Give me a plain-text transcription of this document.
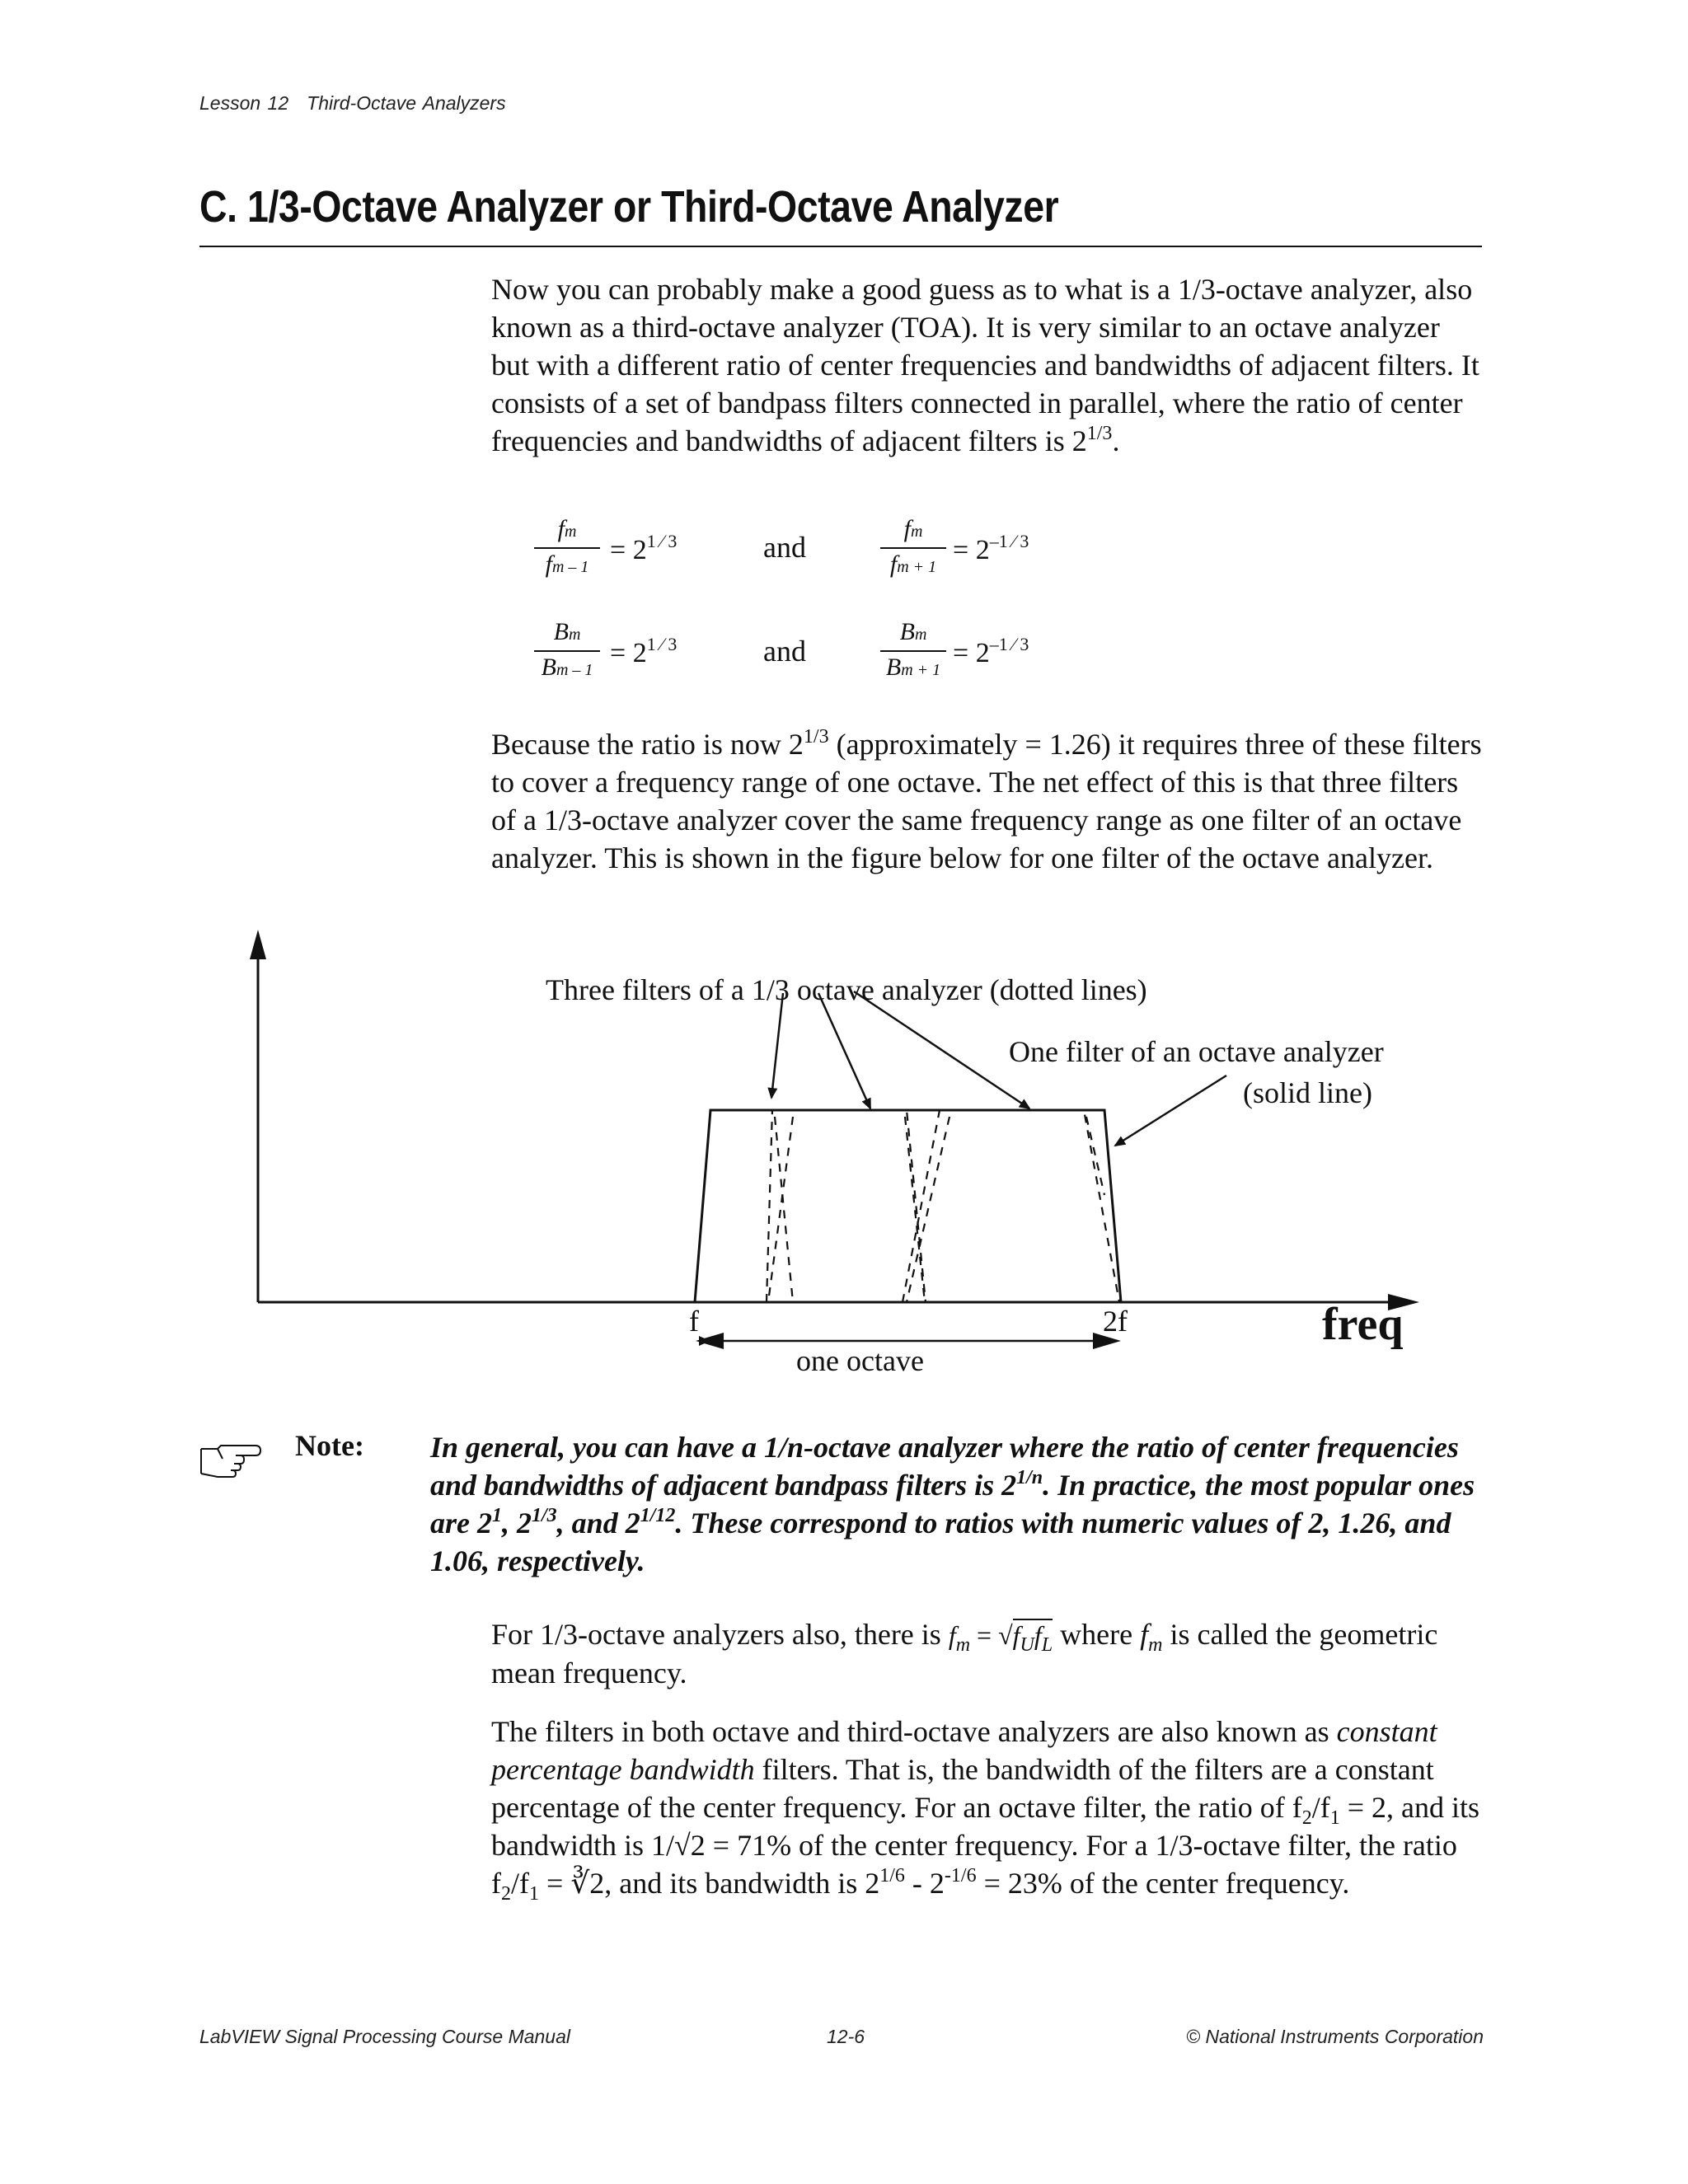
Lesson 12 Third-Octave Analyzers
C. 1/3-Octave Analyzer or Third-Octave Analyzer

Now you can probably make a good guess as to what is a 1/3-octave analyzer, also known as a third-octave analyzer (TOA). It is very similar to an octave analyzer but with a different ratio of center frequencies and bandwidths of adjacent filters. It consists of a set of bandpass filters connected in parallel, where the ratio of center frequencies and bandwidths of adjacent filters is $2^{1/3}$.

fm
fm – 1
= $2^{1 ⁄ 3}$	and
fm
fm + 1
= $2^{-1 ⁄ 3}$
Bm
Bm – 1
= $2^{1 ⁄ 3}$	and
Bm
Bm + 1
= $2^{-1 ⁄ 3}$

Because the ratio is now $2^{1/3}$ (approximately = 1.26) it requires three of these filters to cover a frequency range of one octave. The net effect of this is that three filters of a 1/3-octave analyzer cover the same frequency range as one filter of an octave analyzer. This is shown in the figure below for one filter of the octave analyzer.

Three filters of a 1/3 octave analyzer (dotted lines)
One filter of an octave analyzer
(solid line)
f	2f	freq
one octave
Note: In general, you can have a 1/n-octave analyzer where the ratio of center frequencies and bandwidths of adjacent bandpass filters is $2^{1/n}$. In practice, the most popular ones are $2^1$, $2^{1/3}$, and $2^{1/12}$. These correspond to ratios with numeric values of 2, 1.26, and 1.06, respectively.

For 1/3-octave analyzers also, there is $f_m = √f_Uf_L$ where $f_m$ is called the geometric mean frequency.

The filters in both octave and third-octave analyzers are also known as constant percentage bandwidth filters. That is, the bandwidth of the filters are a constant percentage of the center frequency. For an octave filter, the ratio of $f_2/f_1 = 2$, and its bandwidth is 1/√2 = 71% of the center frequency. For a 1/3-octave filter, the ratio $f_2/f_1$ = ∛2, and its bandwidth is $2^{1/6} - 2^{-1/6} = 23\%$ of the center frequency.

LabVIEW Signal Processing Course Manual	12-6	© National Instruments Corporation
